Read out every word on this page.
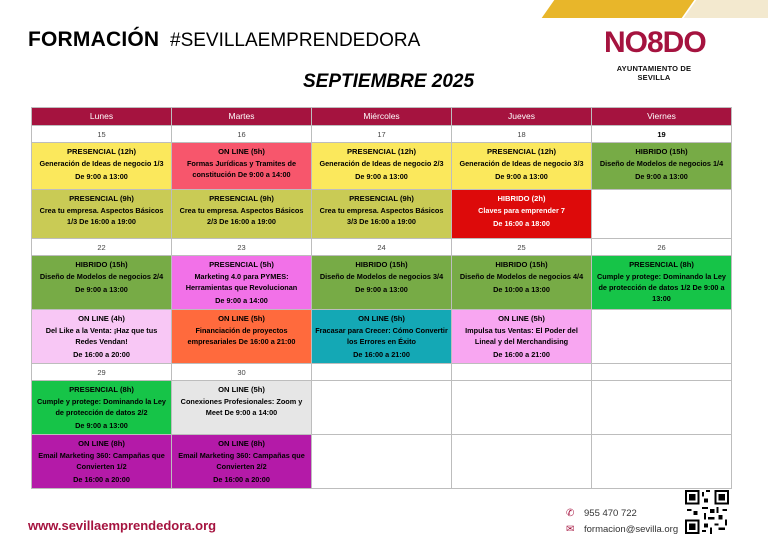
FORMACIÓN #SEVILLAEMPRENDEDORA
SEPTIEMBRE 2025
NO8DO
AYUNTAMIENTO DE SEVILLA
Lunes	Martes	Miércoles	Jueves	Viernes
15	16	17	18	19

PRESENCIAL (12h)
Generación de Ideas de negocio 1/3
De 9:00 a 13:00	ON LINE (5h)
Formas Jurídicas y Tramites de constitución De 9:00 a 14:00	PRESENCIAL (12h)
Generación de Ideas de negocio 2/3
De 9:00 a 13:00	PRESENCIAL (12h)
Generación de Ideas de negocio 3/3
De 9:00 a 13:00	HIBRIDO (15h)
Diseño de Modelos de negocios 1/4
De 9:00 a 13:00

PRESENCIAL (9h)
Crea tu empresa. Aspectos Básicos 1/3 De 16:00 a 19:00	PRESENCIAL (9h)
Crea tu empresa. Aspectos Básicos 2/3 De 16:00 a 19:00	PRESENCIAL (9h)
Crea tu empresa. Aspectos Básicos 3/3 De 16:00 a 19:00	HIBRIDO (2h)
Claves para emprender 7
De 16:00 a 18:00	

22	23	24	25	26

HIBRIDO (15h)
Diseño de Modelos de negocios 2/4
De 9:00 a 13:00	PRESENCIAL (5h)
Marketing 4.0 para PYMES: Herramientas que Revolucionan
De 9:00 a 14:00	HIBRIDO (15h)
Diseño de Modelos de negocios 3/4
De 9:00 a 13:00	HIBRIDO (15h)
Diseño de Modelos de negocios 4/4
De 10:00 a 13:00	PRESENCIAL (8h)
Cumple y protege: Dominando la Ley de protección de datos 1/2 De 9:00 a 13:00

ON LINE (4h)
Del Like a la Venta: ¡Haz que tus Redes Vendan!
De 16:00 a 20:00	ON LINE (5h)
Financiación de proyectos empresariales De 16:00 a 21:00	ON LINE (5h)
Fracasar para Crecer: Cómo Convertir los Errores en Éxito
De 16:00 a 21:00	ON LINE (5h)
Impulsa tus Ventas: El Poder del Lineal y del Merchandising
De 16:00 a 21:00	

29	30			

PRESENCIAL (8h)
Cumple y protege: Dominando la Ley de protección de datos 2/2
De 9:00 a 13:00	ON LINE (5h)
Conexiones Profesionales: Zoom y Meet De 9:00 a 14:00			

ON LINE (8h)
Email Marketing 360: Campañas que Convierten 1/2
De 16:00 a 20:00	ON LINE (8h)
Email Marketing 360: Campañas que Convierten 2/2
De 16:00 a 20:00			

www.sevillaemprendedora.org
✆ 955 470 722
✉ formacion@sevilla.org
